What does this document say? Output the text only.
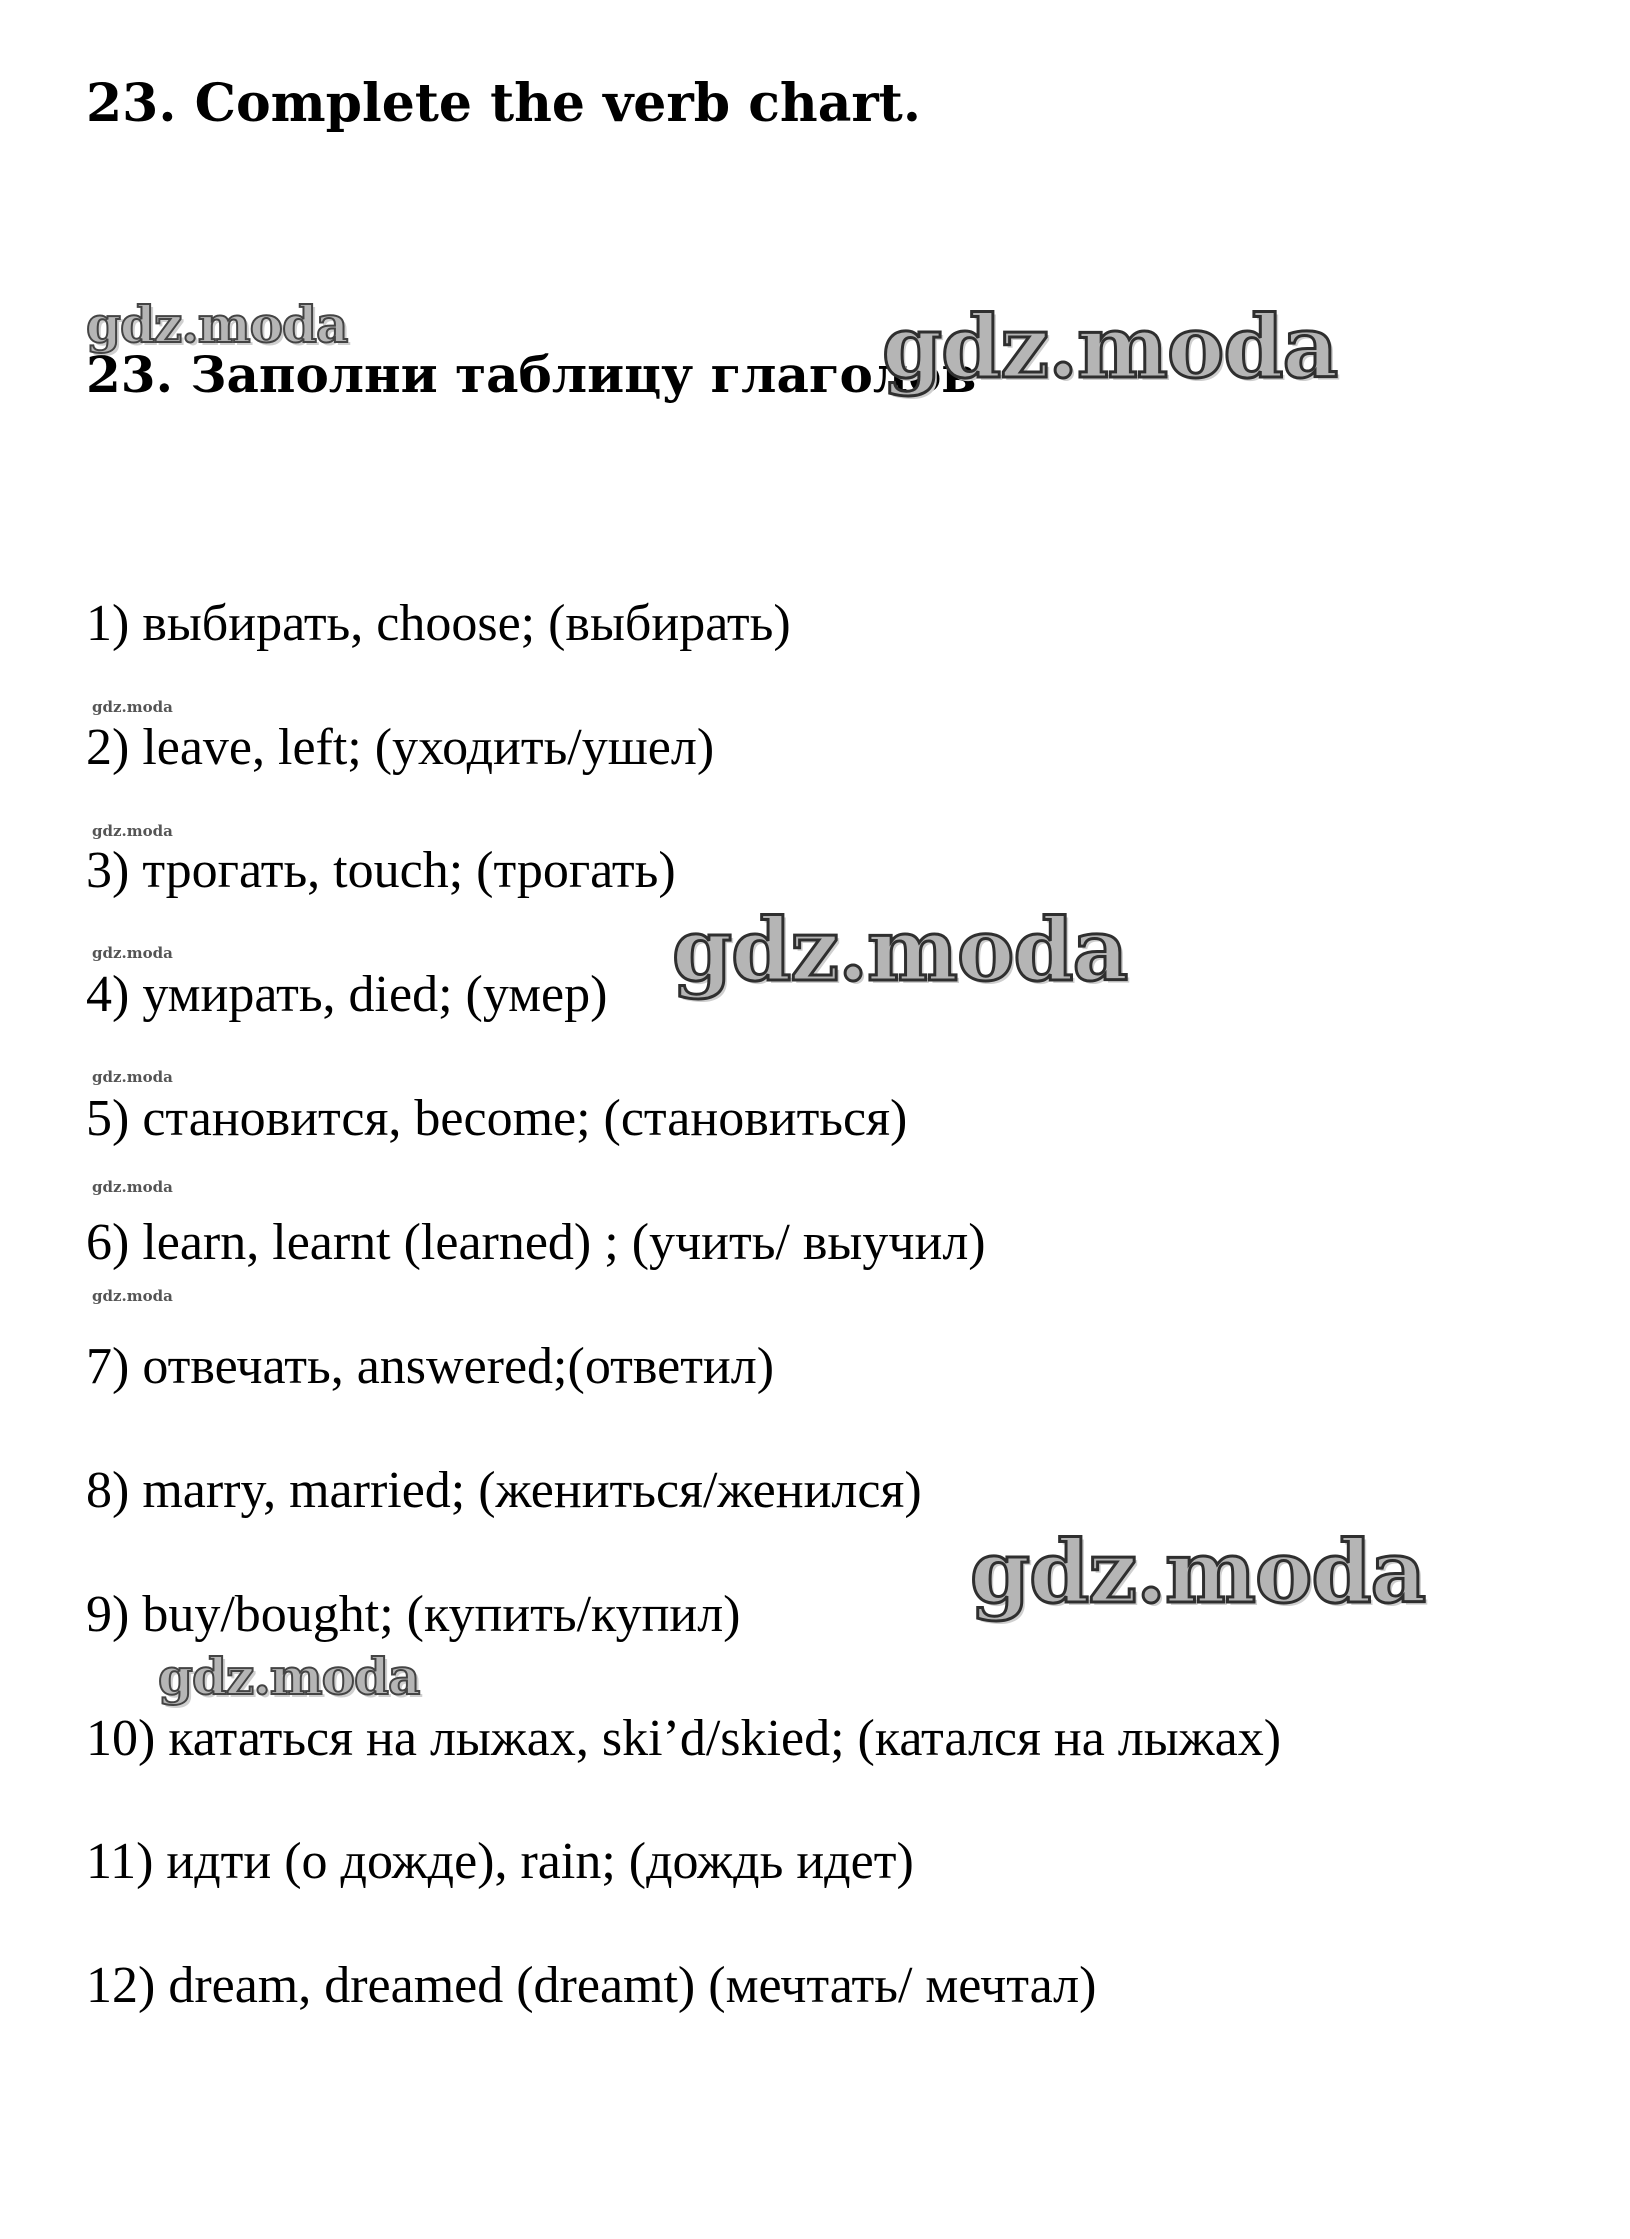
23. Complete the verb chart.
gdz.moda
23. Заполни таблицу глаголов
gdz.moda
1) выбирать, choose; (выбирать)
2) leave, left; (уходить/ушел)
3) трогать, touch; (трогать)
4) умирать, died; (умер)
5) становится, become; (становиться)
6) learn, learnt (learned) ; (учить/ выучил)
7) отвечать, answered;(ответил)
8) marry, married; (жениться/женился)
9) buy/bought; (купить/купил)
10) кататься на лыжах, ski’d/skied; (катался на лыжах)
11) идти (о дожде), rain; (дождь идет)
12) dream, dreamed (dreamt) (мечтать/ мечтал)
gdz.moda
gdz.moda
gdz.moda
gdz.moda
gdz.moda
gdz.moda
gdz.moda
gdz.moda
gdz.moda
